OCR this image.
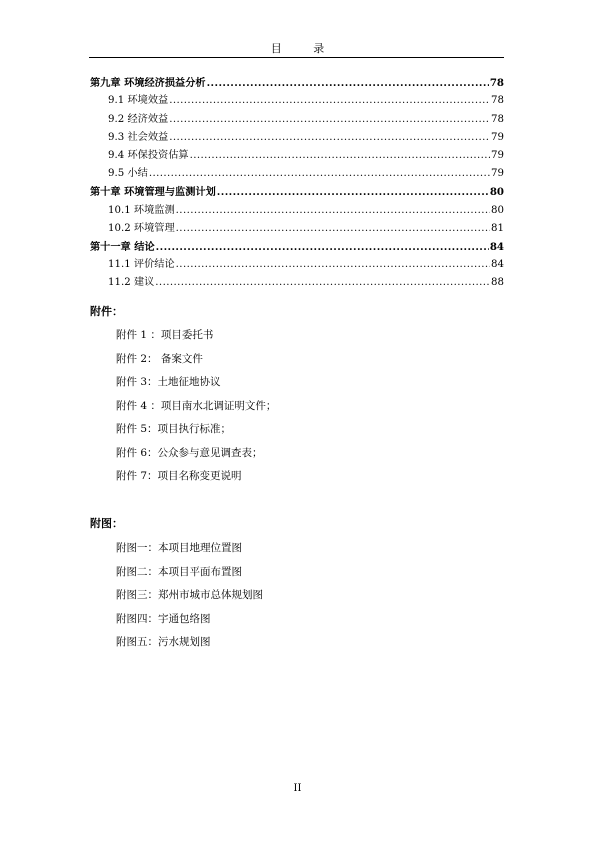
目 录
第九章 环境经济损益分析 .....	78
9.1 环境效益 .....	78
9.2 经济效益 .....	78
9.3 社会效益 .....	79
9.4 环保投资估算 .....	79
9.5 小结 .....	79
第十章 环境管理与监测计划 .....	80
10.1 环境监测 .....	80
10.2 环境管理 .....	81
第十一章 结论 .....	84
11.1 评价结论 .....	84
11.2 建议 .....	88
附件：
附件 1 ：项目委托书
附件 2： 备案文件
附件 3：土地征地协议
附件 4 ：项目南水北调证明文件；
附件 5：项目执行标准；
附件 6：公众参与意见调查表；
附件 7：项目名称变更说明
附图：
附图一：本项目地理位置图
附图二：本项目平面布置图
附图三：郑州市城市总体规划图
附图四：宇通包络图
附图五：污水规划图
II
